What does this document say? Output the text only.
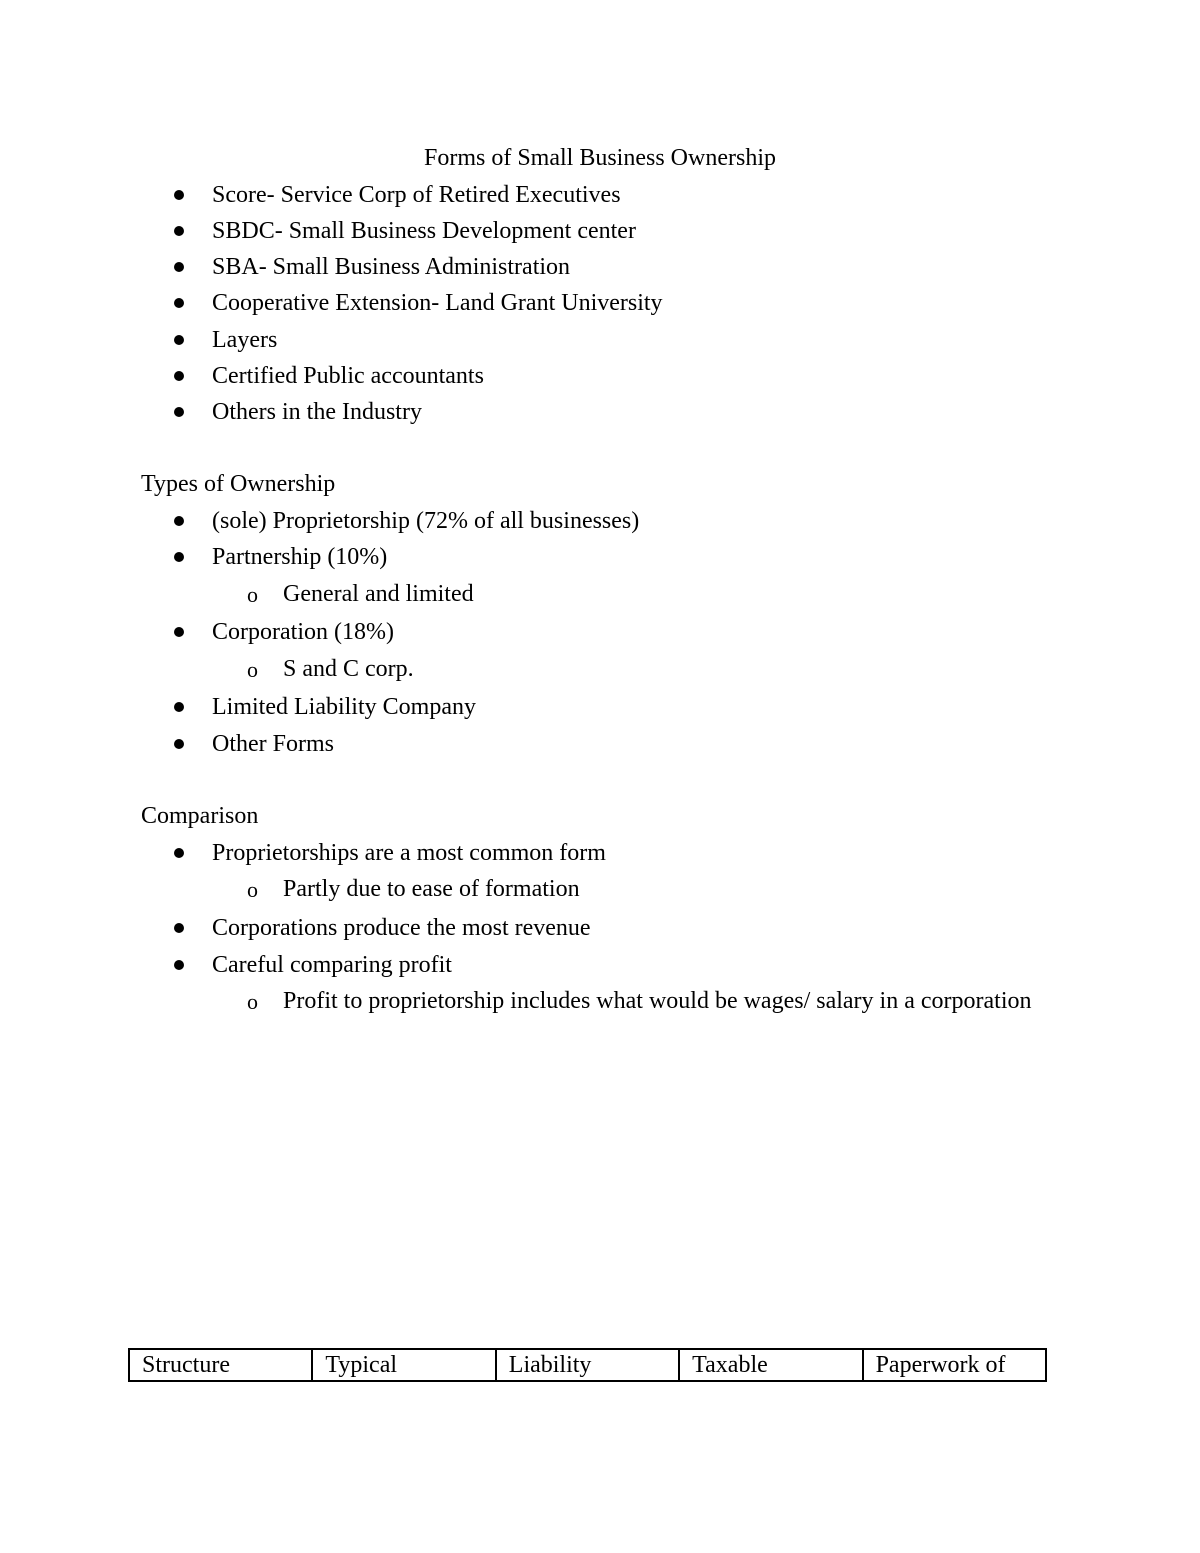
Forms of Small Business Ownership
Score- Service Corp of Retired Executives
SBDC- Small Business Development center
SBA- Small Business Administration
Cooperative Extension- Land Grant University
Layers
Certified Public accountants
Others in the Industry
Types of Ownership
(sole) Proprietorship (72% of all businesses)
Partnership (10%)
o General and limited
Corporation (18%)
o S and C corp.
Limited Liability Company
Other Forms
Comparison
Proprietorships are a most common form
o Partly due to ease of formation
Corporations produce the most revenue
Careful comparing profit
o Profit to proprietorship includes what would be wages/ salary in a corporation
Structure	Typical	Liability	Taxable	Paperwork of
